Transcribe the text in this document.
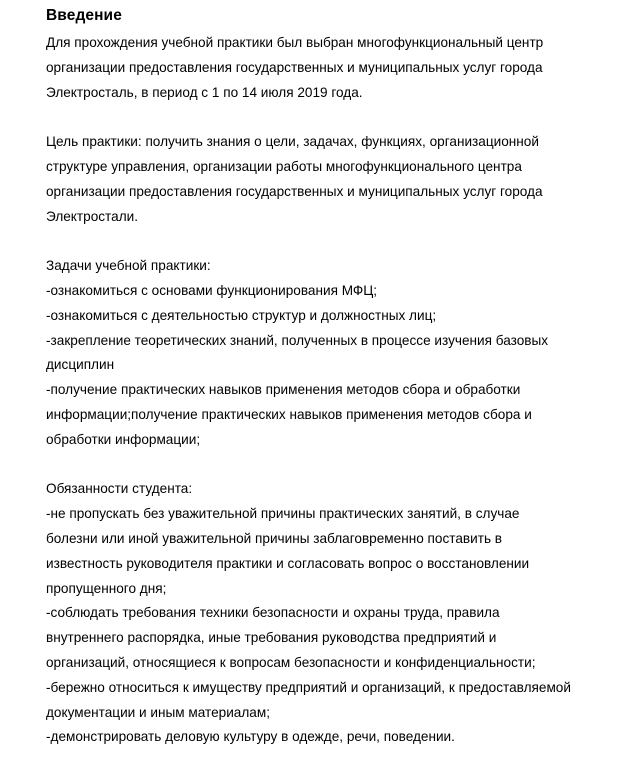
Введение
Для прохождения учебной практики был выбран многофункциональный центр
организации предоставления государственных и муниципальных услуг города
Электросталь, в период с 1 по 14 июля 2019 года.
Цель практики: получить знания о цели, задачах, функциях, организационной
структуре управления, организации работы многофункционального центра
организации предоставления государственных и муниципальных услуг города
Электростали.
Задачи учебной практики:
-ознакомиться с основами функционирования МФЦ;
-ознакомиться с деятельностью структур и должностных лиц;
-закрепление теоретических знаний, полученных в процессе изучения базовых
дисциплин
-получение практических навыков применения методов сбора и обработки
информации;получение практических навыков применения методов сбора и
обработки информации;
Обязанности студента:
-не пропускать без уважительной причины практических занятий, в случае
болезни или иной уважительной причины заблаговременно поставить в
известность руководителя практики и согласовать вопрос о восстановлении
пропущенного дня;
-соблюдать требования техники безопасности и охраны труда, правила
внутреннего распорядка, иные требования руководства предприятий и
организаций, относящиеся к вопросам безопасности и конфиденциальности;
-бережно относиться к имуществу предприятий и организаций, к предоставляемой
документации и иным материалам;
-демонстрировать деловую культуру в одежде, речи, поведении.
